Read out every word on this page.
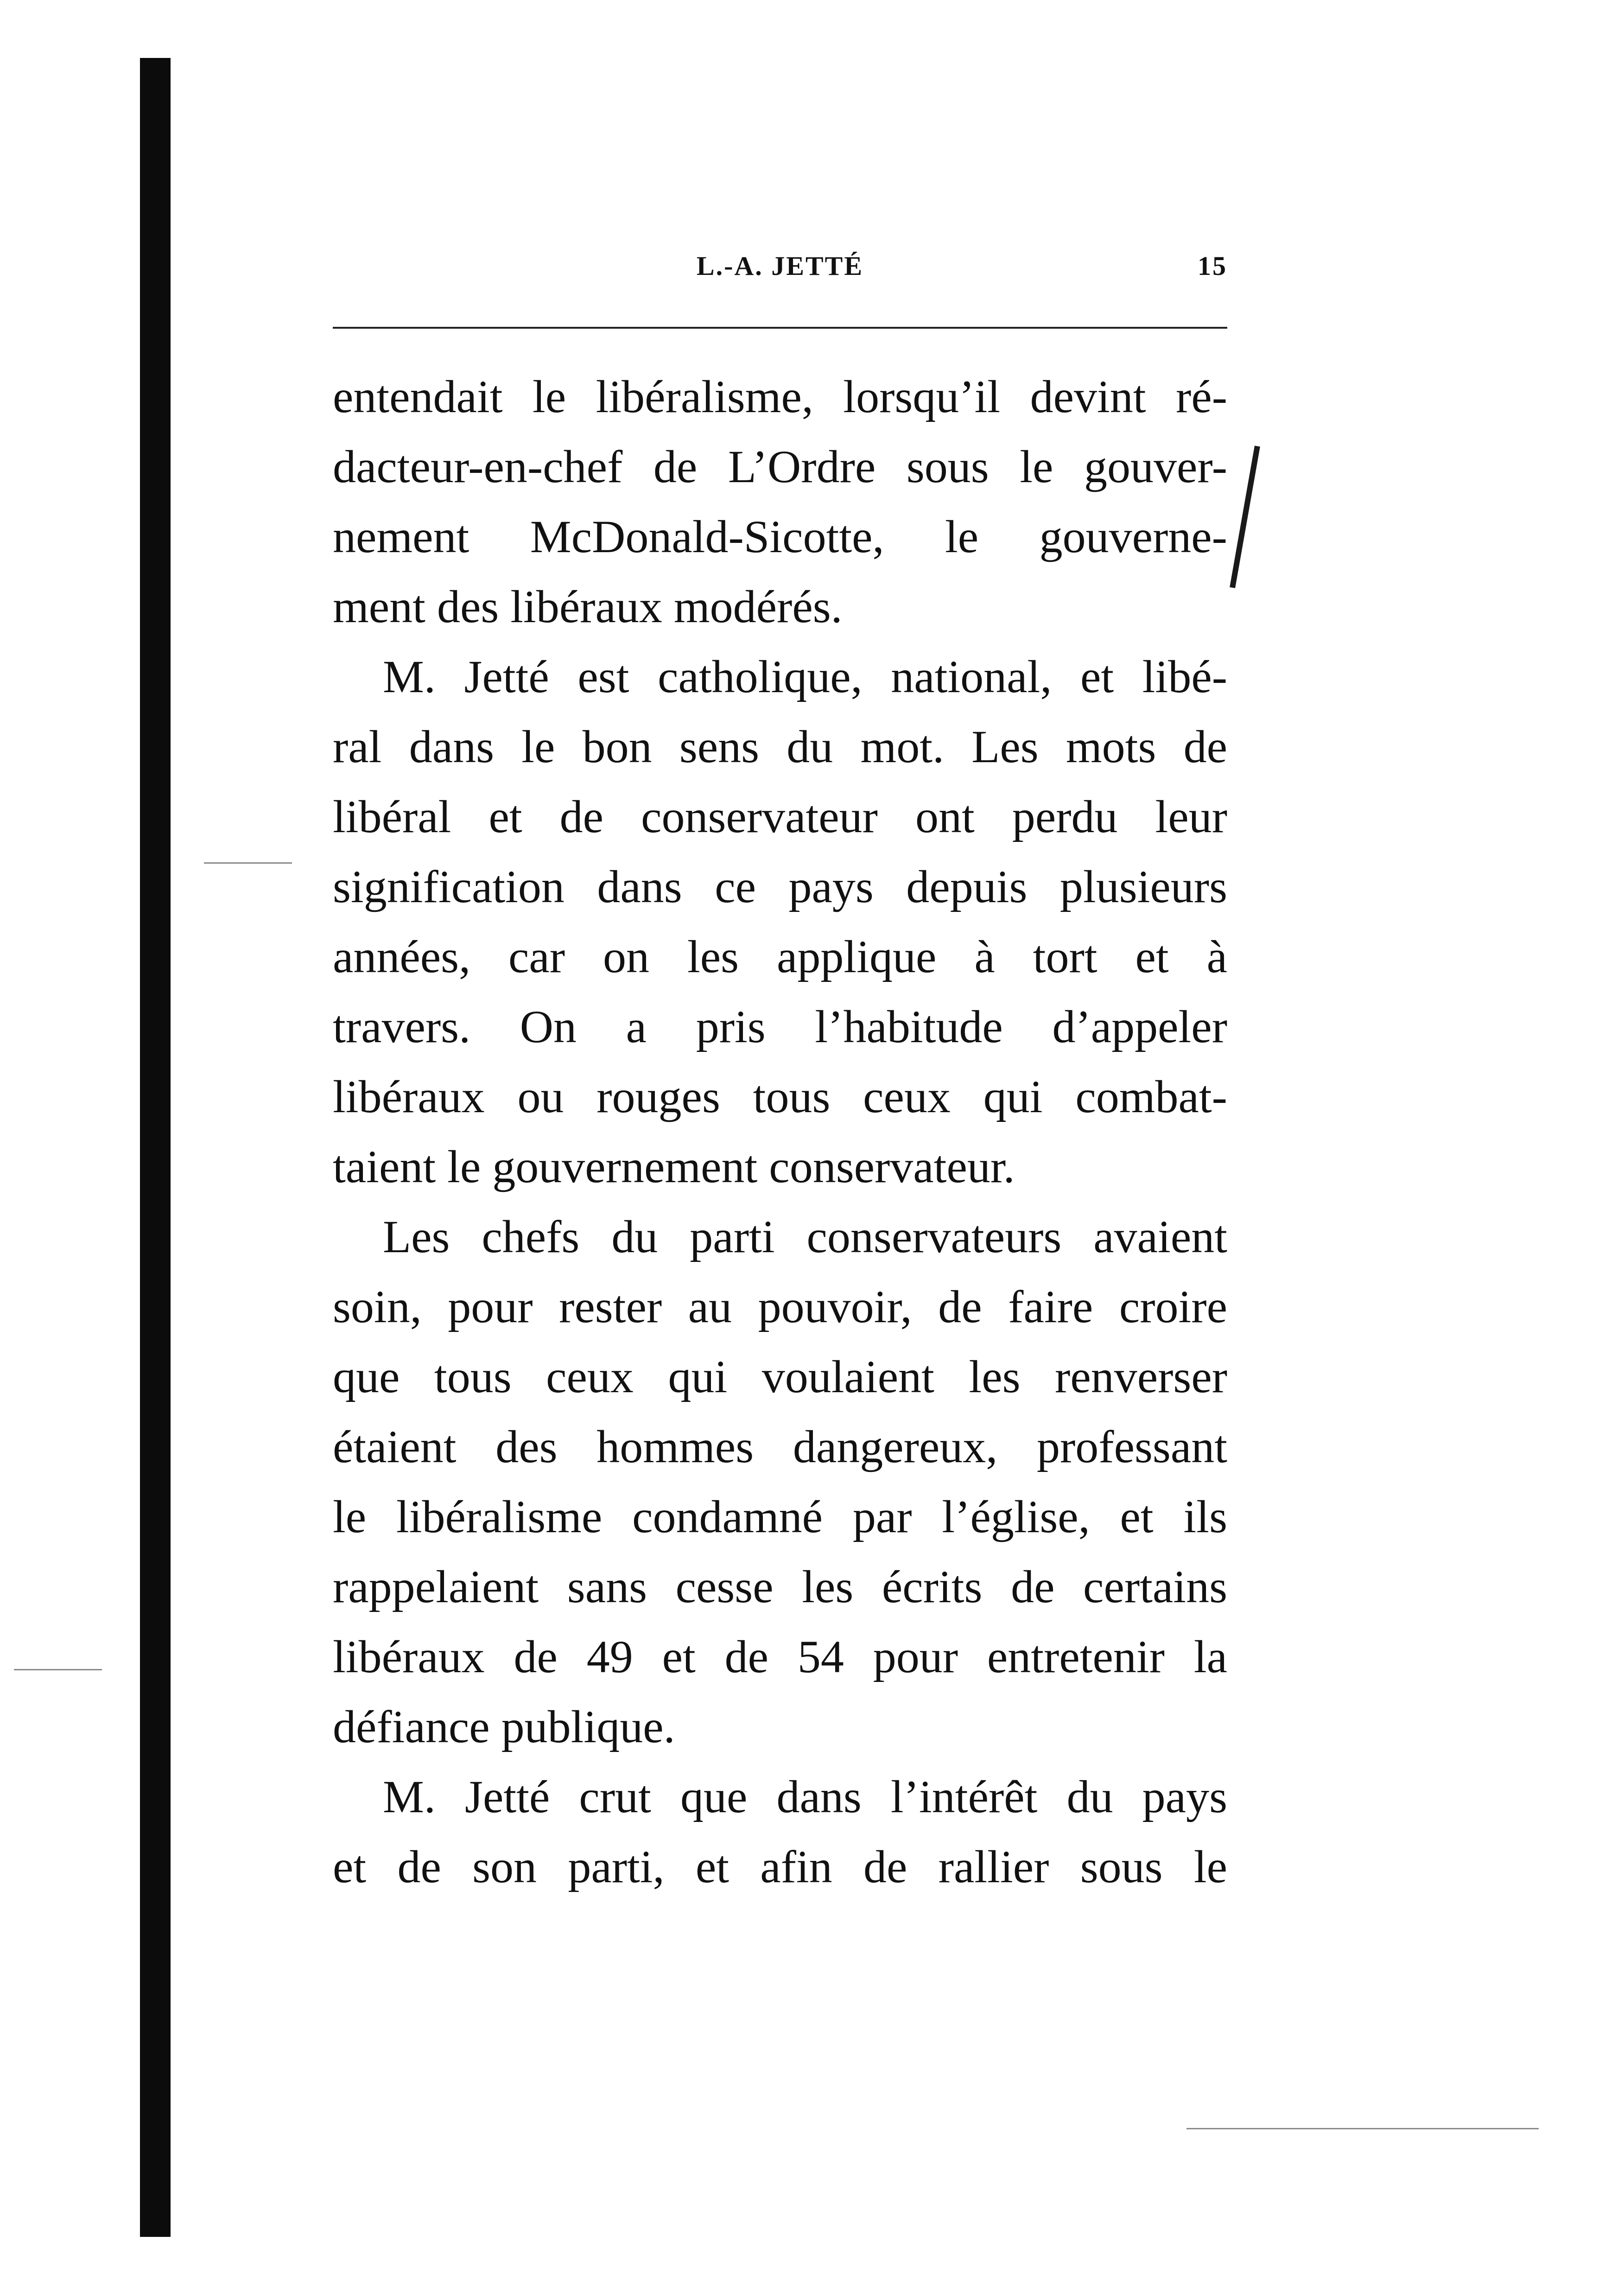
L.-A. JETTÉ	15
entendait le libéralisme, lorsqu’il devint ré-
dacteur-en-chef de L’Ordre sous le gouver-
nement McDonald-Sicotte, le gouverne-
ment des libéraux modérés.
M. Jetté est catholique, national, et libé-
ral dans le bon sens du mot. Les mots de
libéral et de conservateur ont perdu leur
signification dans ce pays depuis plusieurs
années, car on les applique à tort et à
travers. On a pris l’habitude d’appeler
libéraux ou rouges tous ceux qui combat-
taient le gouvernement conservateur.
Les chefs du parti conservateurs avaient
soin, pour rester au pouvoir, de faire croire
que tous ceux qui voulaient les renverser
étaient des hommes dangereux, professant
le libéralisme condamné par l’église, et ils
rappelaient sans cesse les écrits de certains
libéraux de 49 et de 54 pour entretenir la
défiance publique.
M. Jetté crut que dans l’intérêt du pays
et de son parti, et afin de rallier sous le
